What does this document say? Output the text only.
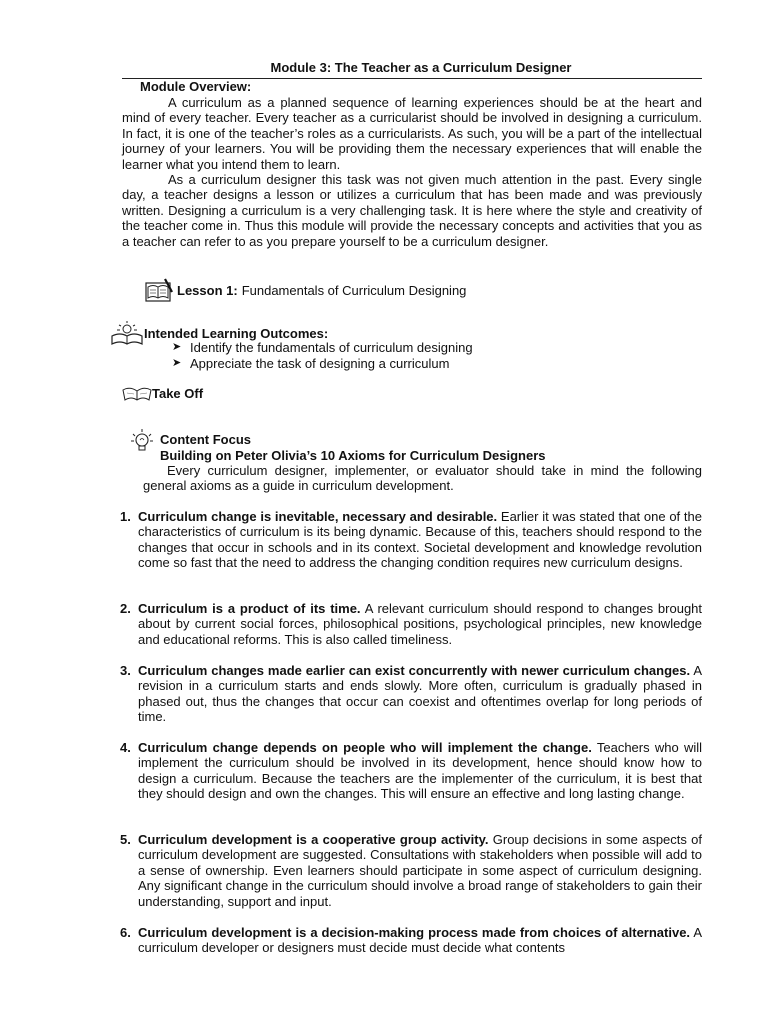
Module 3: The Teacher as a Curriculum Designer
Module Overview:
A curriculum as a planned sequence of learning experiences should be at the heart and mind of every teacher. Every teacher as a curricularist should be involved in designing a curriculum. In fact, it is one of the teacher’s roles as a curricularists. As such, you will be a part of the intellectual journey of your learners. You will be providing them the necessary experiences that will enable the learner what you intend them to learn.
As a curriculum designer this task was not given much attention in the past. Every single day, a teacher designs a lesson or utilizes a curriculum that has been made and was previously written. Designing a curriculum is a very challenging task. It is here where the style and creativity of the teacher come in. Thus this module will provide the necessary concepts and activities that you as a teacher can refer to as you prepare yourself to be a curriculum designer.
Lesson 1: Fundamentals of Curriculum Designing
Intended Learning Outcomes:
➤ Identify the fundamentals of curriculum designing
➤ Appreciate the task of designing a curriculum
Take Off
Content Focus
Building on Peter Olivia’s 10 Axioms for Curriculum Designers
Every curriculum designer, implementer, or evaluator should take in mind the following general axioms as a guide in curriculum development.
1. Curriculum change is inevitable, necessary and desirable. Earlier it was stated that one of the characteristics of curriculum is its being dynamic. Because of this, teachers should respond to the changes that occur in schools and in its context. Societal development and knowledge revolution come so fast that the need to address the changing condition requires new curriculum designs.
2. Curriculum is a product of its time. A relevant curriculum should respond to changes brought about by current social forces, philosophical positions, psychological principles, new knowledge and educational reforms. This is also called timeliness.
3. Curriculum changes made earlier can exist concurrently with newer curriculum changes. A revision in a curriculum starts and ends slowly. More often, curriculum is gradually phased in phased out, thus the changes that occur can coexist and oftentimes overlap for long periods of time.
4. Curriculum change depends on people who will implement the change. Teachers who will implement the curriculum should be involved in its development, hence should know how to design a curriculum. Because the teachers are the implementer of the curriculum, it is best that they should design and own the changes. This will ensure an effective and long lasting change.
5. Curriculum development is a cooperative group activity. Group decisions in some aspects of curriculum development are suggested. Consultations with stakeholders when possible will add to a sense of ownership. Even learners should participate in some aspect of curriculum designing. Any significant change in the curriculum should involve a broad range of stakeholders to gain their understanding, support and input.
6. Curriculum development is a decision-making process made from choices of alternative. A curriculum developer or designers must decide must decide what contents
